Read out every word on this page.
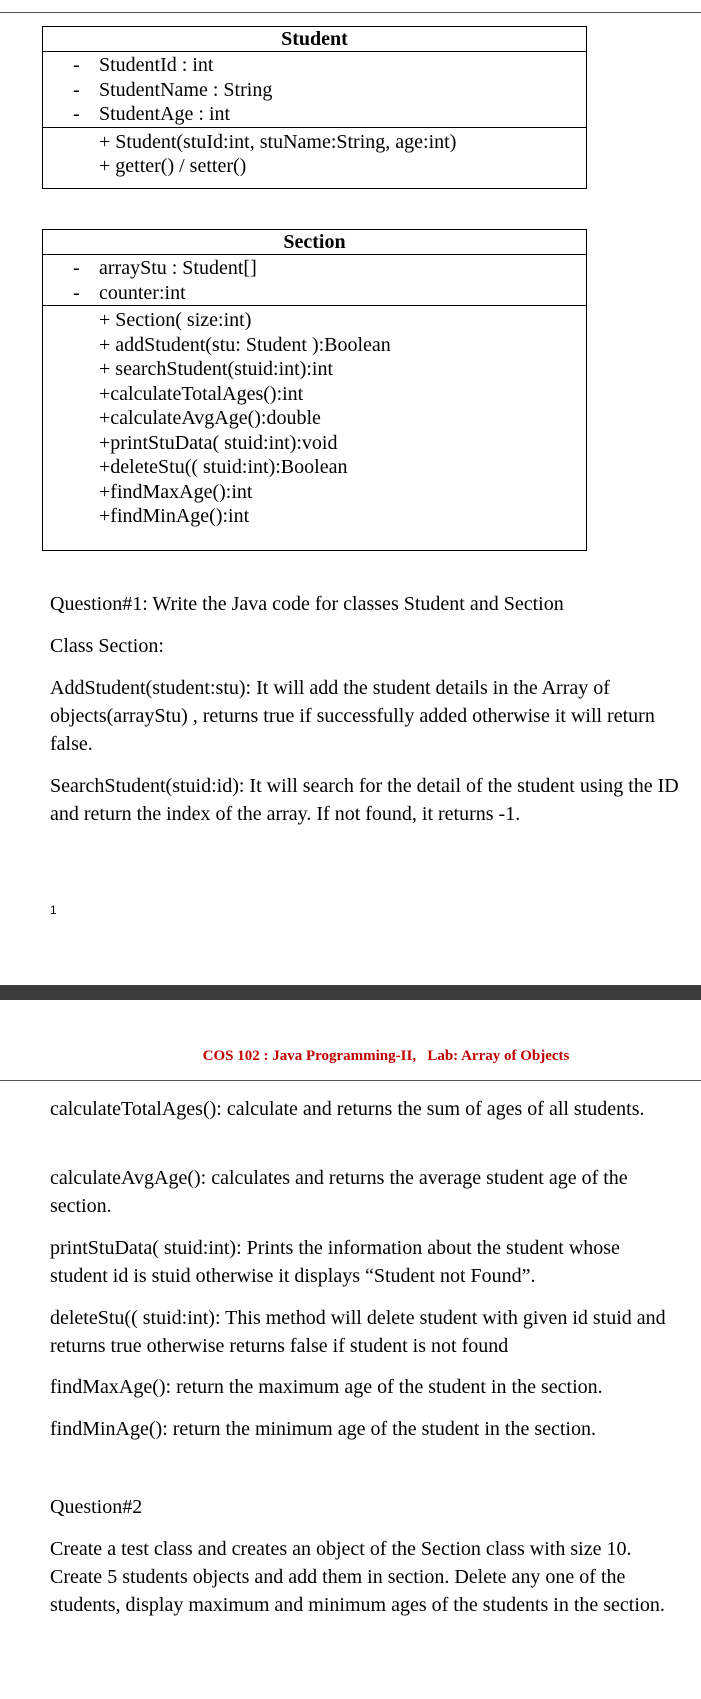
Student
- StudentId : int
- StudentName : String
- StudentAge : int
+ Student(stuId:int, stuName:String, age:int)
+ getter() / setter()
Section
- arrayStu : Student[]
- counter:int
+ Section( size:int)
+ addStudent(stu: Student ):Boolean
+ searchStudent(stuid:int):int
+calculateTotalAges():int
+calculateAvgAge():double
+printStuData( stuid:int):void
+deleteStu(( stuid:int):Boolean
+findMaxAge():int
+findMinAge():int
Question#1: Write the Java code for classes Student and Section
Class Section:
AddStudent(student:stu): It will add the student details in the Array of objects(arrayStu) , returns true if successfully added otherwise it will return false.
SearchStudent(stuid:id): It will search for the detail of the student using the ID and return the index of the array. If not found, it returns -1.
1
COS 102 : Java Programming-II,   Lab: Array of Objects
calculateTotalAges(): calculate and returns the sum of ages of all students.
calculateAvgAge(): calculates and returns the average student age of the section.
printStuData( stuid:int): Prints the information about the student whose student id is stuid otherwise it displays “Student not Found”.
deleteStu(( stuid:int): This method will delete student with given id stuid and returns true otherwise returns false if student is not found
findMaxAge(): return the maximum age of the student in the section.
findMinAge(): return the minimum age of the student in the section.
Question#2
Create a test class and creates an object of the Section class with size 10. Create 5 students objects and add them in section. Delete any one of the students, display maximum and minimum ages of the students in the section.
